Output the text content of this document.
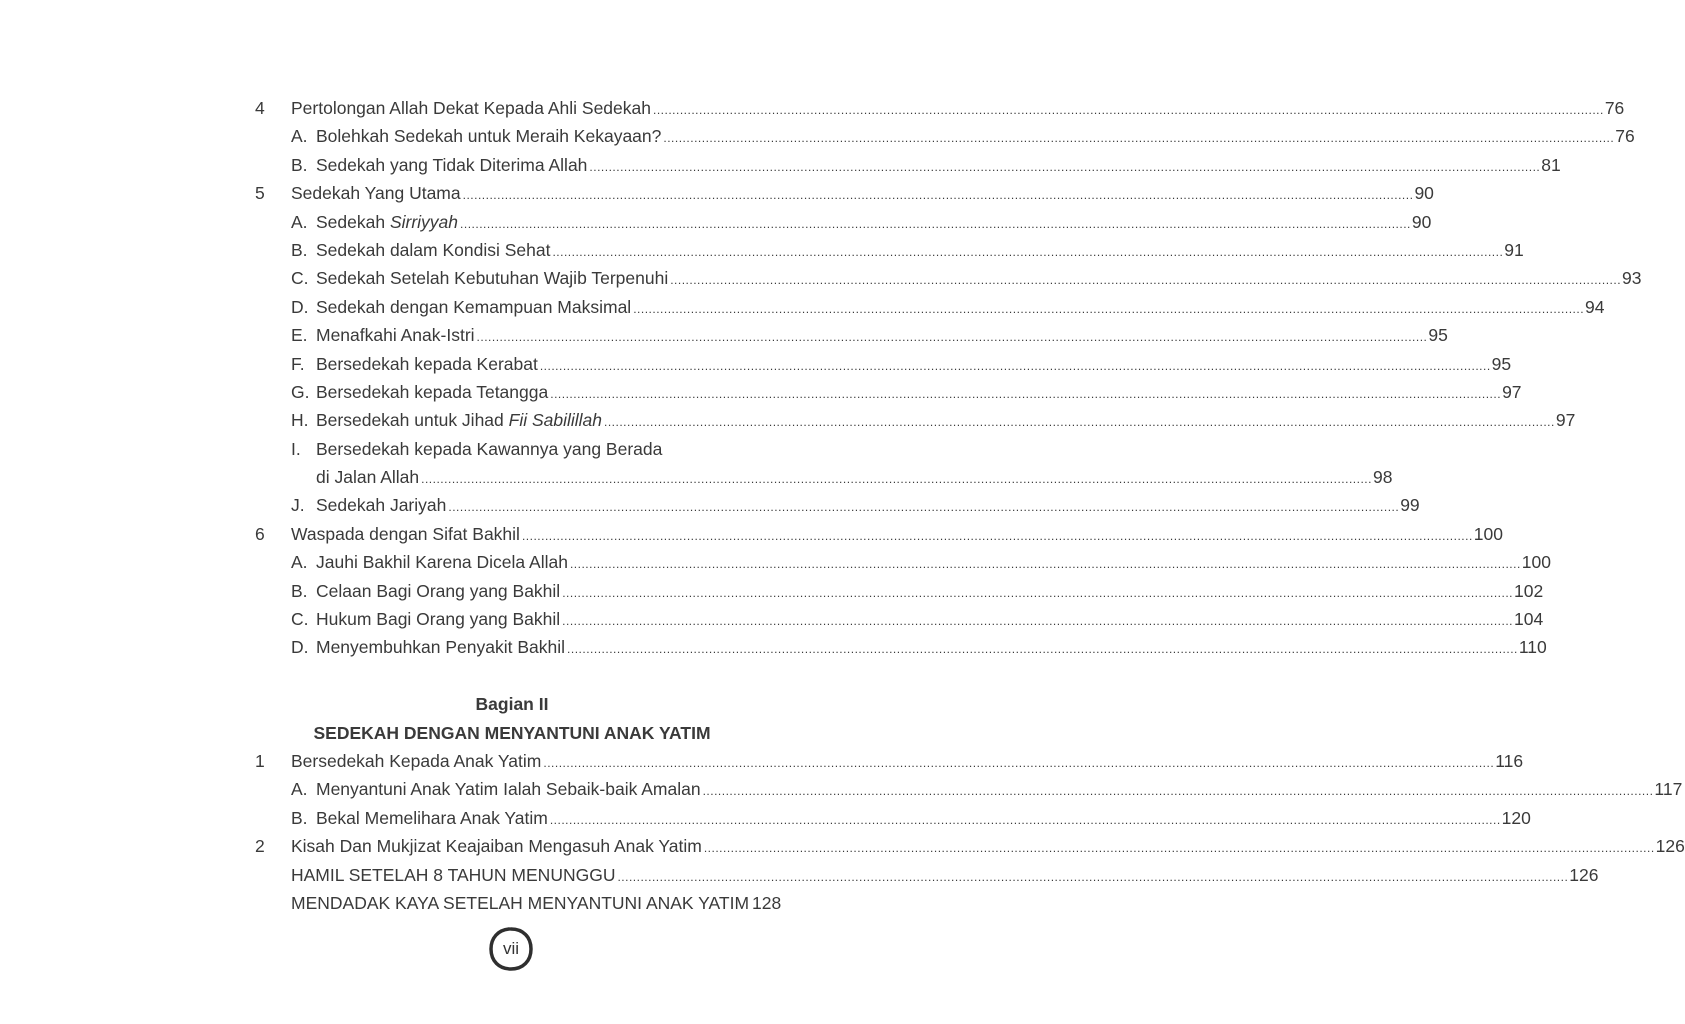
4	Pertolongan Allah Dekat Kepada Ahli Sedekah .....	76
A. Bolehkah Sedekah untuk Meraih Kekayaan? .....	76
B. Sedekah yang Tidak Diterima Allah .....	81
5	Sedekah Yang Utama .....	90
A. Sedekah Sirriyyah .....	90
B. Sedekah dalam Kondisi Sehat .....	91
C. Sedekah Setelah Kebutuhan Wajib Terpenuhi .....	93
D. Sedekah dengan Kemampuan Maksimal .....	94
E. Menafkahi Anak-Istri .....	95
F. Bersedekah kepada Kerabat .....	95
G. Bersedekah kepada Tetangga .....	97
H. Bersedekah untuk Jihad Fii Sabilillah .....	97
I. Bersedekah kepada Kawannya yang Berada
di Jalan Allah .....	98
J. Sedekah Jariyah .....	99
6	Waspada dengan Sifat Bakhil .....	100
A. Jauhi Bakhil Karena Dicela Allah .....	100
B. Celaan Bagi Orang yang Bakhil .....	102
C. Hukum Bagi Orang yang Bakhil .....	104
D. Menyembuhkan Penyakit Bakhil .....	110
Bagian II
SEDEKAH DENGAN MENYANTUNI ANAK YATIM
1	Bersedekah Kepada Anak Yatim .....	116
A. Menyantuni Anak Yatim Ialah Sebaik-baik Amalan .....	117
B. Bekal Memelihara Anak Yatim .....	120
2	Kisah Dan Mukjizat Keajaiban Mengasuh Anak Yatim .....	126
HAMIL SETELAH 8 TAHUN MENUNGGU .....	126
MENDADAK KAYA SETELAH MENYANTUNI ANAK YATIM 128
vii
